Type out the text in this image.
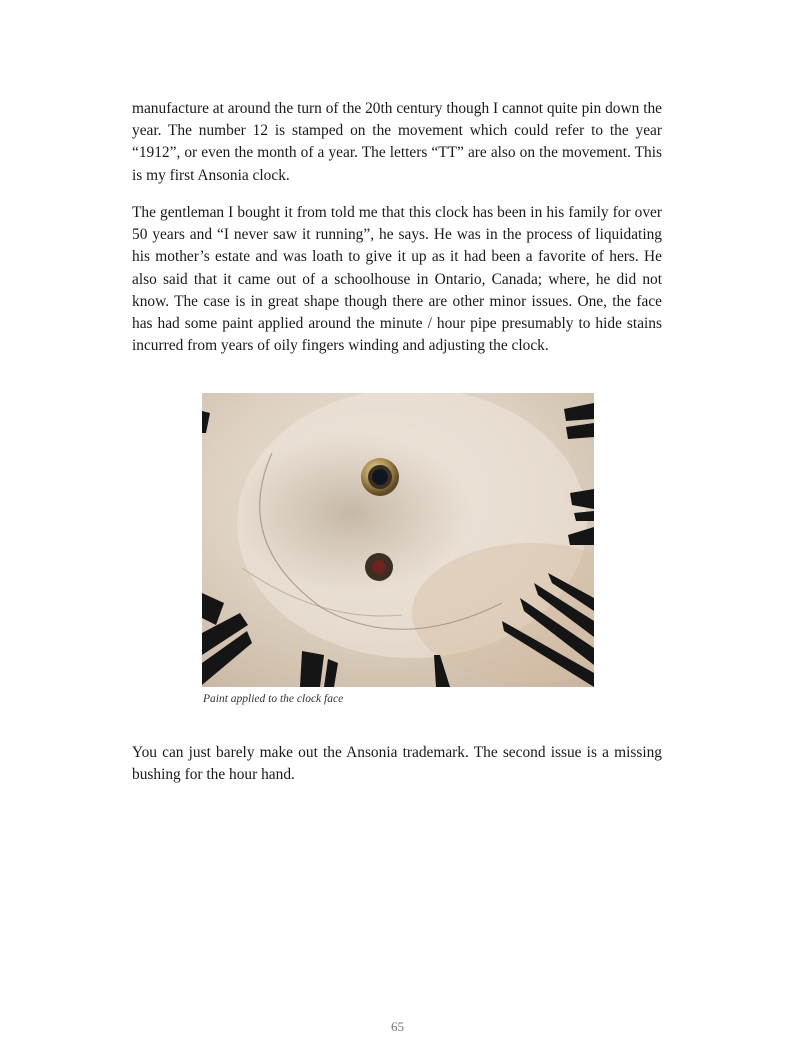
manufacture at around the turn of the 20th century though I cannot quite pin down the year. The number 12 is stamped on the movement which could refer to the year “1912”, or even the month of a year. The letters “TT” are also on the movement. This is my first Ansonia clock.

The gentleman I bought it from told me that this clock has been in his family for over 50 years and “I never saw it running”, he says. He was in the process of liquidating his mother’s estate and was loath to give it up as it had been a favorite of hers. He also said that it came out of a schoolhouse in Ontario, Canada; where, he did not know. The case is in great shape though there are other minor issues. One, the face has had some paint applied around the minute / hour pipe presumably to hide stains incurred from years of oily fingers winding and adjusting the clock.

Paint applied to the clock face

You can just barely make out the Ansonia trademark. The second issue is a missing bushing for the hour hand.

65
